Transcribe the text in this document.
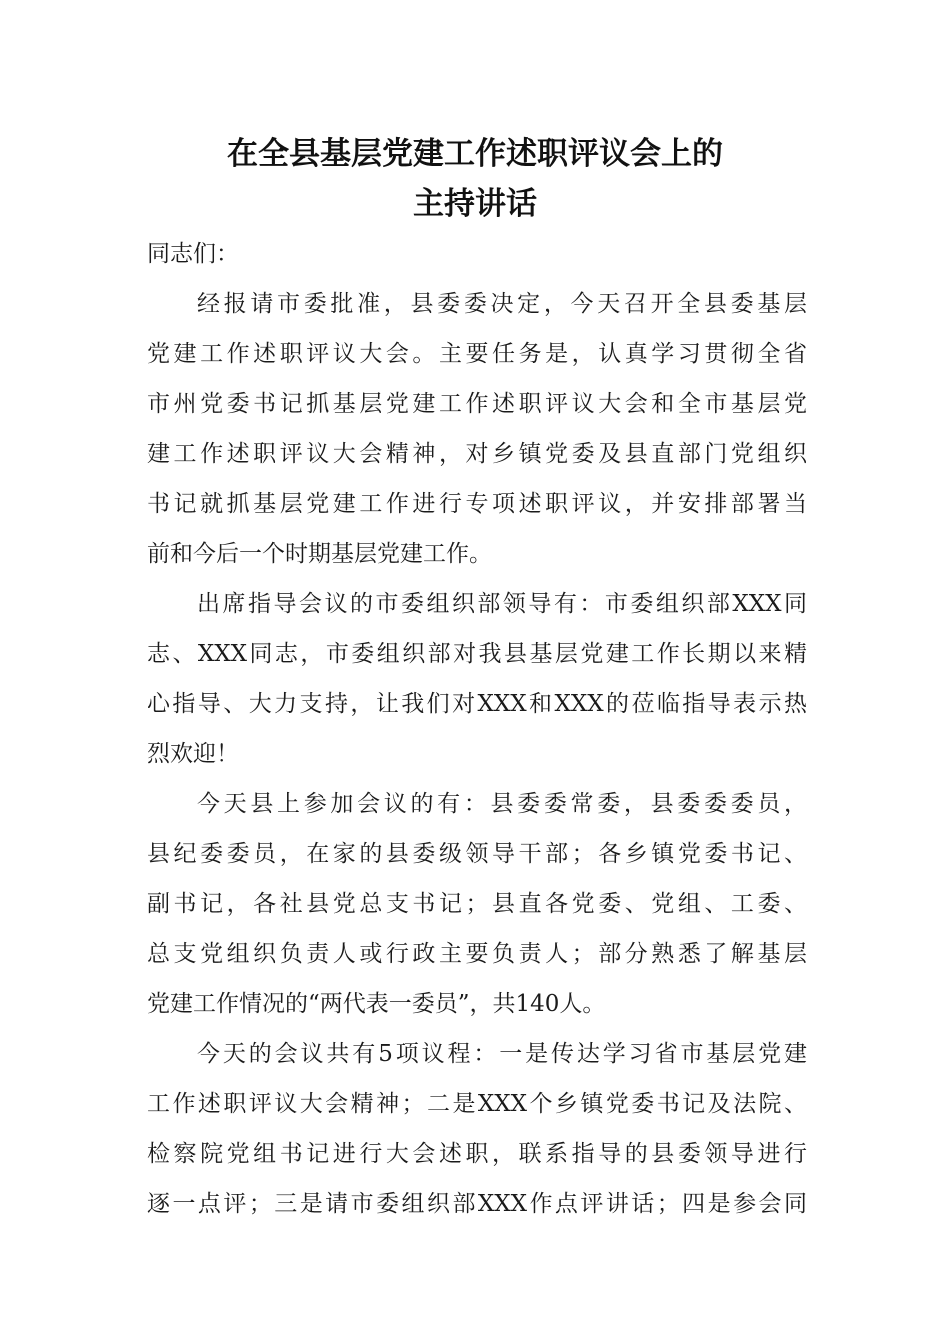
在全县基层党建工作述职评议会上的
主持讲话

同志们：

经报请市委批准，县委委决定，今天召开全县委基层

党建工作述职评议大会。主要任务是，认真学习贯彻全省

市州党委书记抓基层党建工作述职评议大会和全市基层党

建工作述职评议大会精神，对乡镇党委及县直部门党组织

书记就抓基层党建工作进行专项述职评议，并安排部署当

前和今后一个时期基层党建工作。

出席指导会议的市委组织部领导有：市委组织部XXX同

志、XXX同志，市委组织部对我县基层党建工作长期以来精

心指导、大力支持，让我们对XXX和XXX的莅临指导表示热

烈欢迎！

今天县上参加会议的有：县委委常委，县委委委员，

县纪委委员，在家的县委级领导干部；各乡镇党委书记、

副书记，各社县党总支书记；县直各党委、党组、工委、

总支党组织负责人或行政主要负责人；部分熟悉了解基层

党建工作情况的“两代表一委员”，共140人。

今天的会议共有5项议程：一是传达学习省市基层党建

工作述职评议大会精神；二是XXX个乡镇党委书记及法院、

检察院党组书记进行大会述职，联系指导的县委领导进行

逐一点评；三是请市委组织部XXX作点评讲话；四是参会同
